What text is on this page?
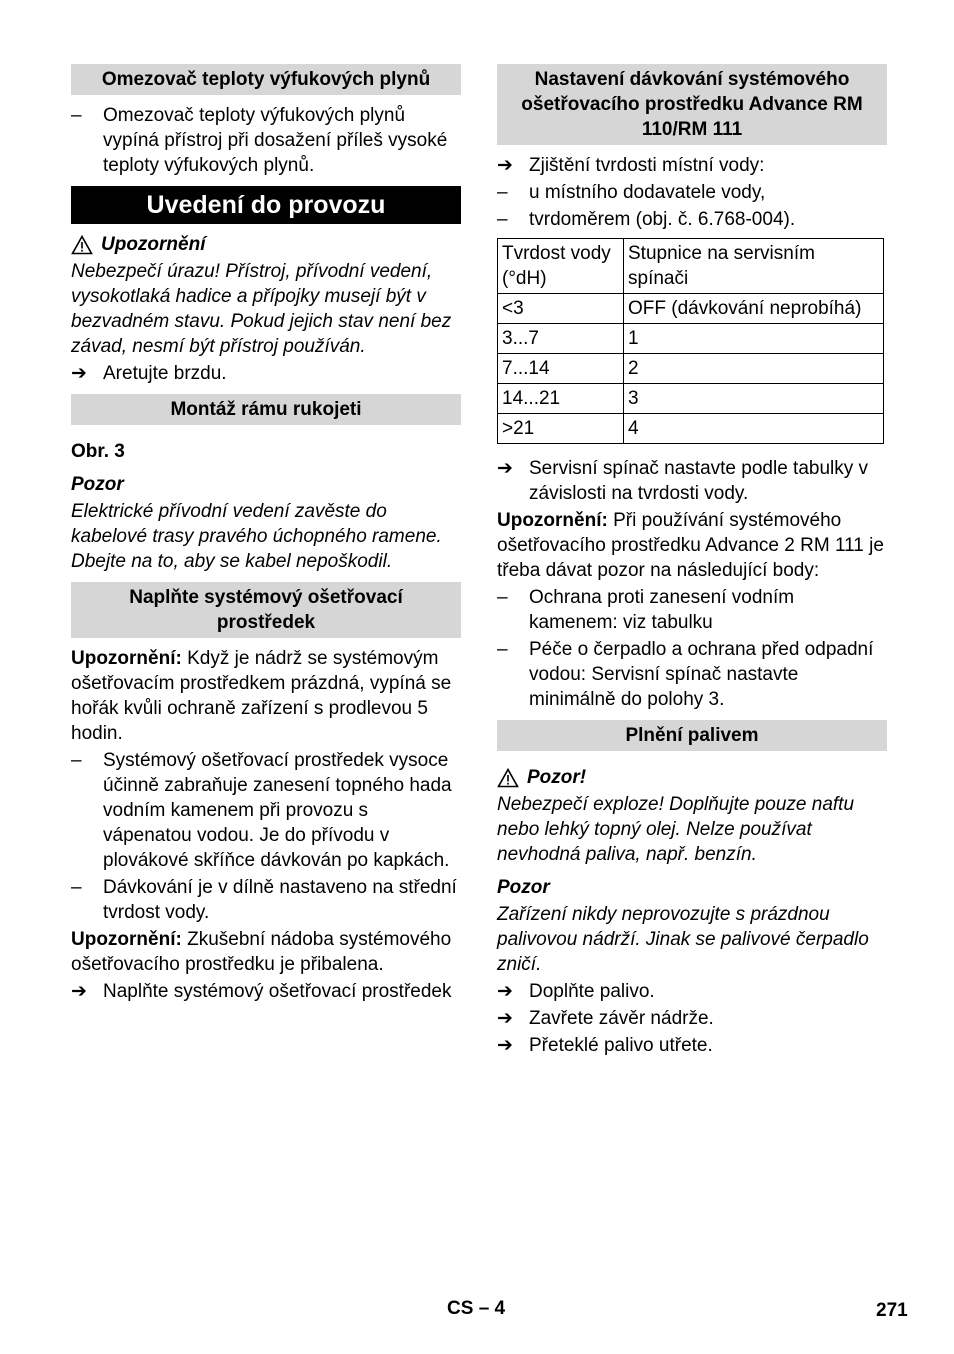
Omezovač teploty výfukových plynů
–	Omezovač teploty výfukových plynů vypíná přístroj při dosažení příleš vysoké teploty výfukových plynů.
Uvedení do provozu
Upozornění

Nebezpečí úrazu! Přístroj, přívodní vedení, vysokotlaká hadice a přípojky musejí být v bezvadném stavu. Pokud jejich stav není bez závad, nesmí být přístroj používán.

➔ Aretujte brzdu.
Montáž rámu rukojeti

Obr. 3

Pozor

Elektrické přívodní vedení zavěste do kabelové trasy pravého úchopného ramene. Dbejte na to, aby se kabel nepoškodil.

Naplňte systémový ošetřovací prostředek

Upozornění: Když je nádrž se systémovým ošetřovacím prostředkem prázdná, vypíná se hořák kvůli ochraně zařízení s prodlevou 5 hodin.

–	Systémový ošetřovací prostředek vysoce účinně zabraňuje zanesení topného hada vodním kamenem při provozu s vápenatou vodou. Je do přívodu v plovákové skříňce dávkován po kapkách.
–	Dávkování je v dílně nastaveno na střední tvrdost vody.

Upozornění: Zkušební nádoba systémového ošetřovacího prostředku je přibalena.

➔ Naplňte systémový ošetřovací prostředek
Nastavení dávkování systémového ošetřovacího prostředku Advance RM 110/RM 111
➔ Zjištění tvrdosti místní vody:
–	u místního dodavatele vody,
–	tvrdoměrem (obj. č. 6.768-004).
Tvrdost vody (°dH)	Stupnice na servisním spínači
<3	OFF (dávkování neprobíhá)
3...7	1
7...14	2
14...21	3
>21	4
➔ Servisní spínač nastavte podle tabulky v závislosti na tvrdosti vody.

Upozornění: Při používání systémového ošetřovacího prostředku Advance 2 RM 111 je třeba dávat pozor na následující body:

–	Ochrana proti zanesení vodním kamenem: viz tabulku
–	Péče o čerpadlo a ochrana před odpadní vodou: Servisní spínač nastavte minimálně do polohy 3.
Plnění palivem
Pozor!

Nebezpečí exploze! Doplňujte pouze naftu nebo lehký topný olej. Nelze používat nevhodná paliva, např. benzín.

Pozor

Zařízení nikdy neprovozujte s prázdnou palivovou nádrží. Jinak se palivové čerpadlo zničí.

➔ Doplňte palivo.
➔ Zavřete závěr nádrže.
➔ Přeteklé palivo utřete.
CS – 4	271
